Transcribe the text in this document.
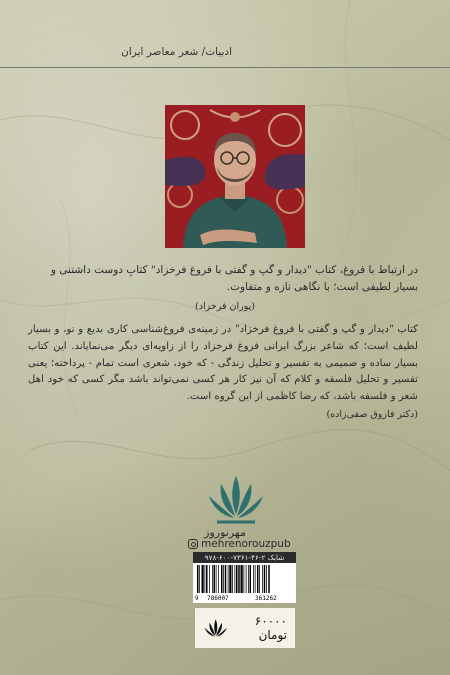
ادبیات/ شعر معاصر ایران
در ارتباط با فروغ، کتاب "دیدار و گپ و گفتی با فروغ فرخزاد" کتابِ دوست داشتنی و بسیار لطیفی است؛ با نگاهی تازه و متفاوت.
(پوران فرخزاد)
کتاب "دیدار و گپ و گفتی با فروغ فرخزاد" در زمینه‌ی فروغ‌شناسی کاری بدیع و نو، و بسیار لطیف است؛ که شاعر بزرگ ایرانی فروغ فرخزاد را از زاویه‌ای دیگر می‌نمایاند. این کتاب بسیار ساده و صمیمی به تفسیر و تحلیل زندگی - که خود، شعری است تمام - پرداخته؛ یعنی تفسیر و تحلیل فلسفه و کلام که آن نیز کار هر کسی نمی‌تواند باشد مگر کسی که خود اهل شعر و فلسفه باشد، که رضا کاظمی از این گروه است.
(دکتر فاروق صفی‌زاده)
مهرنوروز
mehrenorouzpub
شابک ۲-۴۶-۷۳۶۱-۶۰۰-۹۷۸
9 786007	361262
۶۰۰۰۰ تومان
